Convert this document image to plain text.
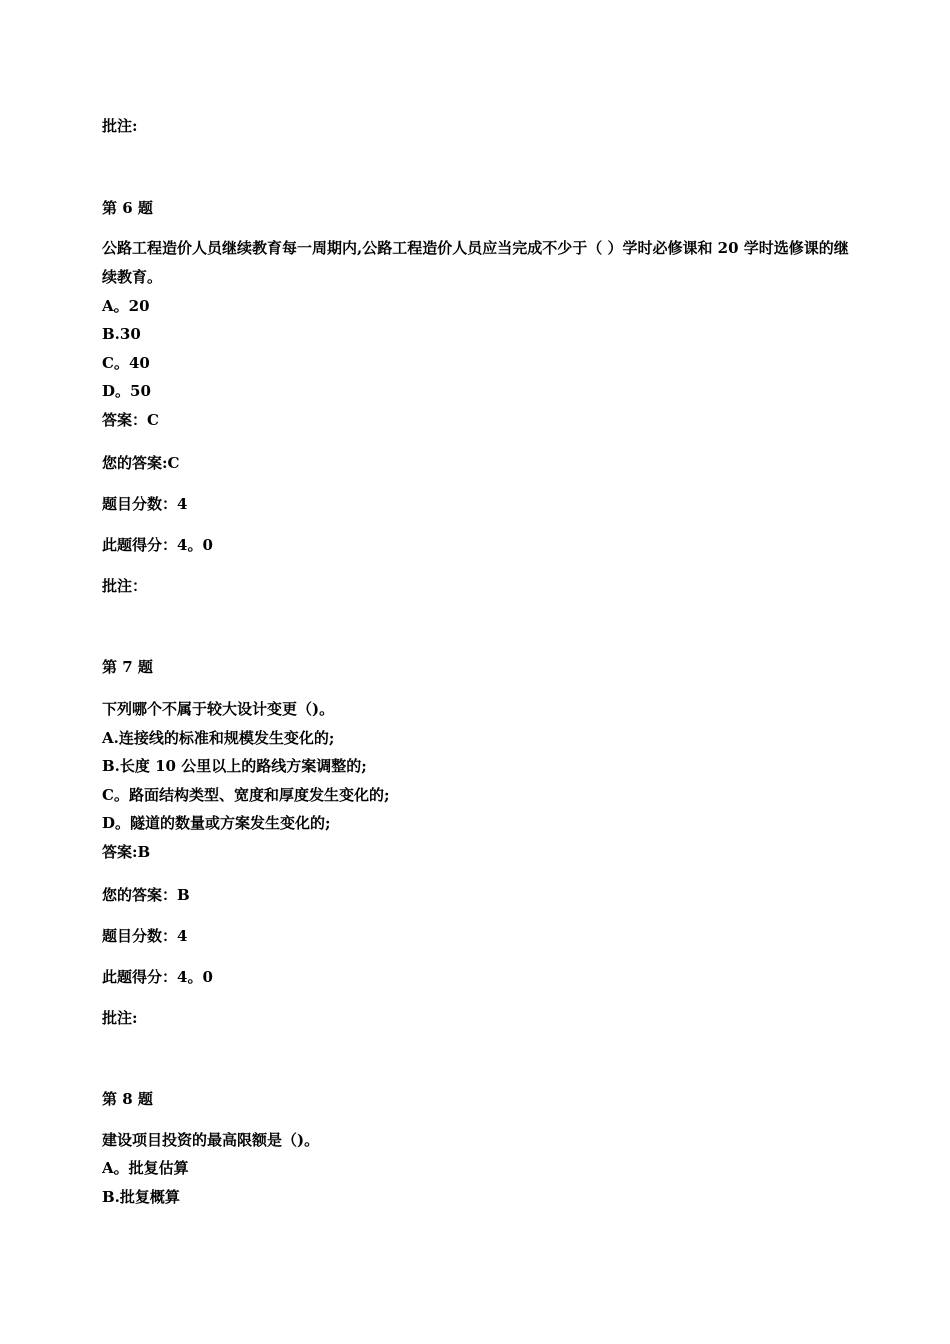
批注:
第 6 题
公路工程造价人员继续教育每一周期内,公路工程造价人员应当完成不少于（ ）学时必修课和 20 学时选修课的继续教育。
A。20
B.30
C。40
D。50
答案：C
您的答案:C
题目分数：4
此题得分：4。0
批注：
第 7 题
下列哪个不属于较大设计变更（)。
A.连接线的标准和规模发生变化的;
B.长度 10 公里以上的路线方案调整的;
C。路面结构类型、宽度和厚度发生变化的;
D。隧道的数量或方案发生变化的;
答案:B
您的答案：B
题目分数：4
此题得分：4。0
批注:
第 8 题
建设项目投资的最高限额是（)。
A。批复估算
B.批复概算
